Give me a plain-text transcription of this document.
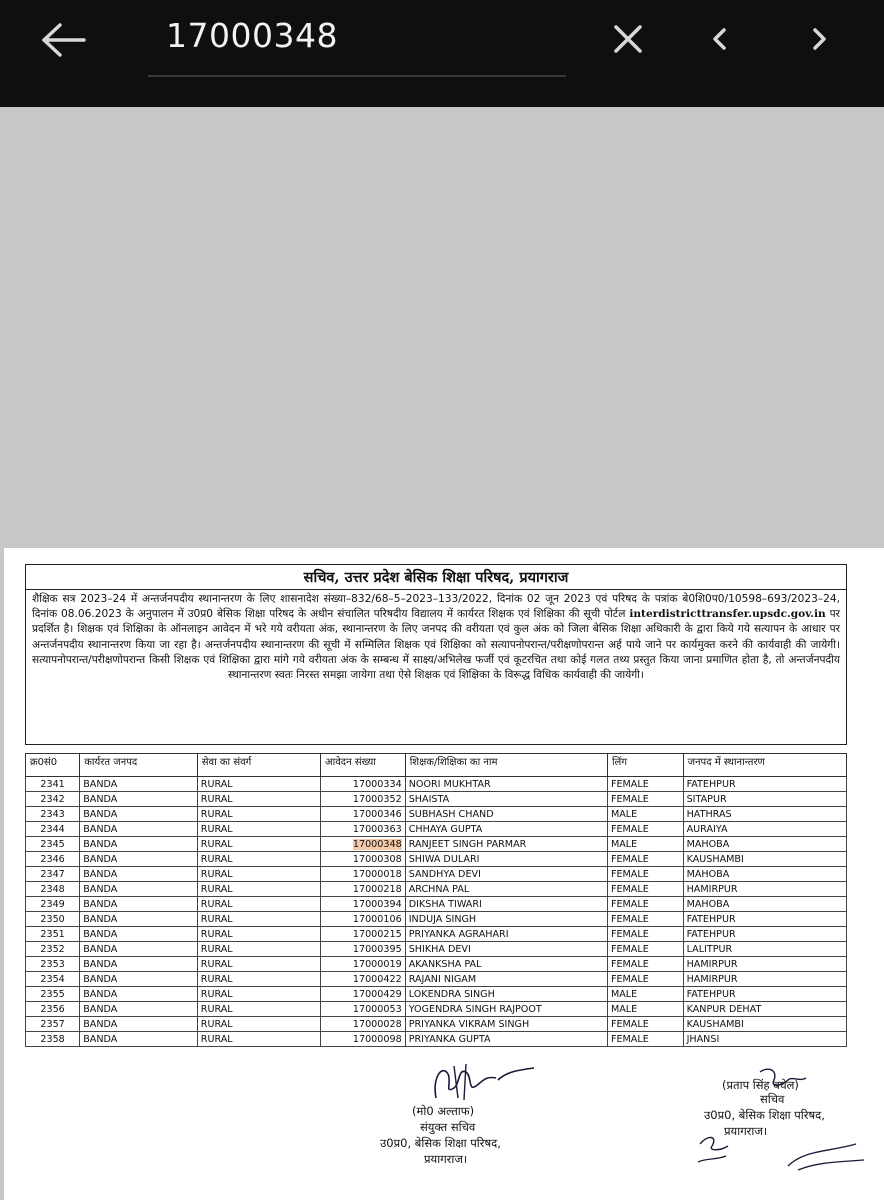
17000348
सचिव, उत्तर प्रदेश बेसिक शिक्षा परिषद, प्रयागराज
शैक्षिक सत्र 2023–24 में अन्तर्जनपदीय स्थानान्तरण के लिए शासनादेश संख्या–832/68–5–2023–133/2022, दिनांक 02 जून 2023 एवं परिषद के पत्रांक बे0शि0प0/10598–693/2023–24, दिनांक 08.06.2023 के अनुपालन में उ0प्र0 बेसिक शिक्षा परिषद के अधीन संचालित परिषदीय विद्यालय में कार्यरत शिक्षक एवं शिक्षिका की सूची पोर्टल interdistricttransfer.upsdc.gov.in पर प्रदर्शित है। शिक्षक एवं शिक्षिका के ऑनलाइन आवेदन में भरे गये वरीयता अंक, स्थानान्तरण के लिए जनपद की वरीयता एवं कुल अंक को जिला बेसिक शिक्षा अधिकारी के द्वारा किये गये सत्यापन के आधार पर अन्तर्जनपदीय स्थानान्तरण किया जा रहा है। अन्तर्जनपदीय स्थानान्तरण की सूची में सम्मिलित शिक्षक एवं शिक्षिका को सत्यापनोपरान्त/परीक्षणोपरान्त अर्ह पाये जाने पर कार्यमुक्त करने की कार्यवाही की जायेगी। सत्यापनोपरान्त/परीक्षणोपरान्त किसी शिक्षक एवं शिक्षिका द्वारा मांगे गये वरीयता अंक के सम्बन्ध में साक्ष्य/अभिलेख फर्जी एवं कूटरचित तथा कोई गलत तथ्य प्रस्तुत किया जाना प्रमाणित होता है, तो अन्तर्जनपदीय स्थानान्तरण स्वतः निरस्त समझा जायेगा तथा ऐसे शिक्षक एवं शिक्षिका के विरूद्ध विधिक कार्यवाही की जायेगी।
क्र0सं0	कार्यरत जनपद	सेवा का संवर्ग	आवेदन संख्या	शिक्षक/शिक्षिका का नाम	लिंग	जनपद में स्थानान्तरण
2341	BANDA	RURAL	17000334	NOORI MUKHTAR	FEMALE	FATEHPUR
2342	BANDA	RURAL	17000352	SHAISTA	FEMALE	SITAPUR
2343	BANDA	RURAL	17000346	SUBHASH CHAND	MALE	HATHRAS
2344	BANDA	RURAL	17000363	CHHAYA GUPTA	FEMALE	AURAIYA
2345	BANDA	RURAL	17000348	RANJEET SINGH PARMAR	MALE	MAHOBA
2346	BANDA	RURAL	17000308	SHIWA DULARI	FEMALE	KAUSHAMBI
2347	BANDA	RURAL	17000018	SANDHYA DEVI	FEMALE	MAHOBA
2348	BANDA	RURAL	17000218	ARCHNA PAL	FEMALE	HAMIRPUR
2349	BANDA	RURAL	17000394	DIKSHA TIWARI	FEMALE	MAHOBA
2350	BANDA	RURAL	17000106	INDUJA SINGH	FEMALE	FATEHPUR
2351	BANDA	RURAL	17000215	PRIYANKA AGRAHARI	FEMALE	FATEHPUR
2352	BANDA	RURAL	17000395	SHIKHA DEVI	FEMALE	LALITPUR
2353	BANDA	RURAL	17000019	AKANKSHA PAL	FEMALE	HAMIRPUR
2354	BANDA	RURAL	17000422	RAJANI NIGAM	FEMALE	HAMIRPUR
2355	BANDA	RURAL	17000429	LOKENDRA SINGH	MALE	FATEHPUR
2356	BANDA	RURAL	17000053	YOGENDRA SINGH RAJPOOT	MALE	KANPUR DEHAT
2357	BANDA	RURAL	17000028	PRIYANKA VIKRAM SINGH	FEMALE	KAUSHAMBI
2358	BANDA	RURAL	17000098	PRIYANKA GUPTA	FEMALE	JHANSI
(मो0 अल्ताफ)
संयुक्त सचिव
उ0प्र0, बेसिक शिक्षा परिषद,
प्रयागराज।
(प्रताप सिंह बघेल)
सचिव
उ0प्र0, बेसिक शिक्षा परिषद,
प्रयागराज।
